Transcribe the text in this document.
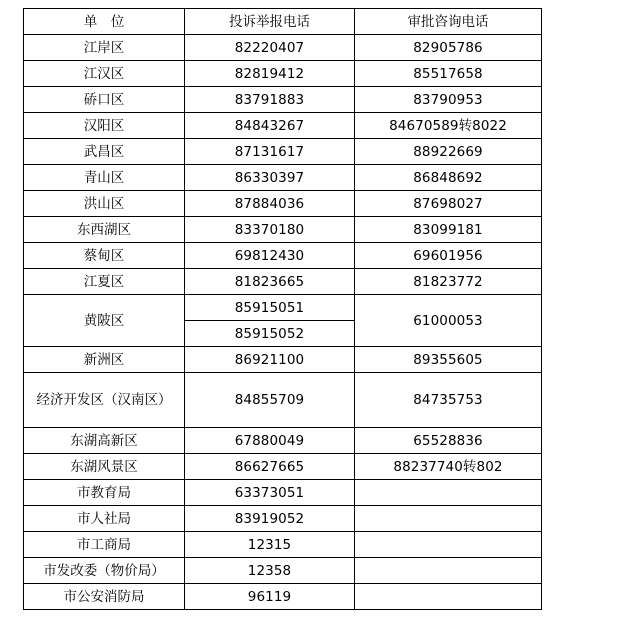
单　位	投诉举报电话	审批咨询电话
江岸区	82220407	82905786
江汉区	82819412	85517658
硚口区	83791883	83790953
汉阳区	84843267	84670589转8022
武昌区	87131617	88922669
青山区	86330397	86848692
洪山区	87884036	87698027
东西湖区	83370180	83099181
蔡甸区	69812430	69601956
江夏区	81823665	81823772
黄陂区	85915051	61000053
	85915052	
新洲区	86921100	89355605
经济开发区（汉南区）	84855709	84735753
东湖高新区	67880049	65528836
东湖风景区	86627665	88237740转802
市教育局	63373051	
市人社局	83919052	
市工商局	12315	
市发改委（物价局）	12358	
市公安消防局	96119	
